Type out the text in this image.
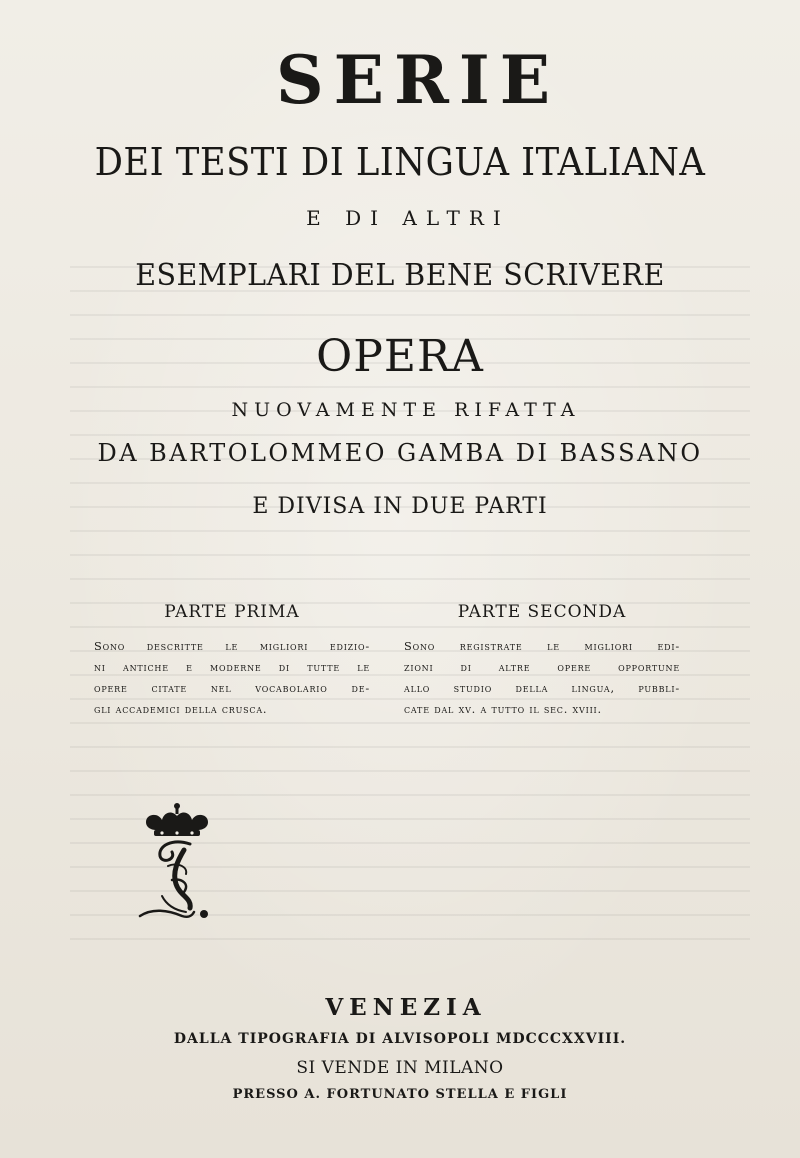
SERIE
DEI TESTI DI LINGUA ITALIANA
E DI ALTRI
ESEMPLARI DEL BENE SCRIVERE
OPERA
NUOVAMENTE RIFATTA
DA BARTOLOMMEO GAMBA DI BASSANO
E DIVISA IN DUE PARTI
PARTE PRIMA
Sono descritte le migliori edizio-
ni antiche e moderne di tutte le
opere citate nel vocabolario de-
gli accademici della crusca.
PARTE SECONDA
Sono registrate le migliori edi-
zioni di altre opere opportune
allo studio della lingua, pubbli-
cate dal xv. a tutto il sec. xviii.
VENEZIA
DALLA TIPOGRAFIA DI ALVISOPOLI MDCCCXXVIII.
SI VENDE IN MILANO
PRESSO A. FORTUNATO STELLA E FIGLI
